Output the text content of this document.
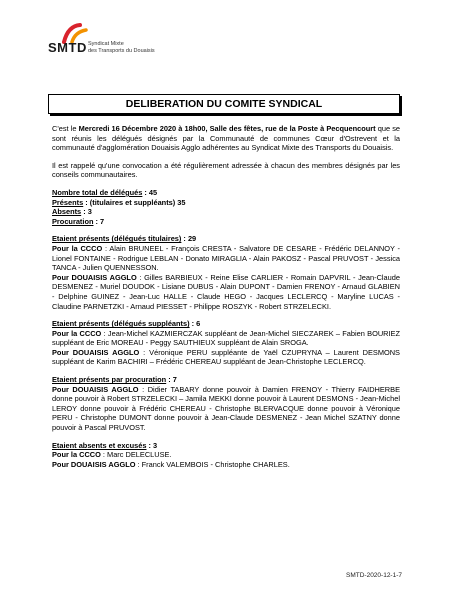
SMTD Syndicat Mixte
des Transports du Douaisis
DELIBERATION DU COMITE SYNDICAL

C'est le Mercredi 16 Décembre 2020 à 18h00, Salle des fêtes, rue de la Poste à Pecquencourt que se sont réunis les délégués désignés par la Communauté de communes Cœur d'Ostrevent et la communauté d'agglomération Douaisis Agglo adhérentes au Syndicat Mixte des Transports du Douaisis.

Il est rappelé qu'une convocation a été régulièrement adressée à chacun des membres désignés par les conseils communautaires.

Nombre total de délégués : 45

Présents : (titulaires et suppléants) 35

Absents : 3

Procuration : 7

Etaient présents (délégués titulaires) : 29

Pour la CCCO : Alain BRUNEEL - François CRESTA - Salvatore DE CESARE - Frédéric DELANNOY - Lionel FONTAINE - Rodrigue LEBLAN - Donato MIRAGLIA - Alain PAKOSZ - Pascal PRUVOST - Jessica TANCA - Julien QUENNESSON.

Pour DOUAISIS AGGLO : Gilles BARBIEUX - Reine Elise CARLIER - Romain DAPVRIL - Jean-Claude DESMENEZ - Muriel DOUDOK - Lisiane DUBUS - Alain DUPONT - Damien FRENOY - Arnaud GLABIEN - Delphine GUINEZ - Jean-Luc HALLE - Claude HEGO - Jacques LECLERCQ - Maryline LUCAS - Claudine PARNETZKI - Arnaud PIESSET - Philippe ROSZYK - Robert STRZELECKI.

Etaient présents (délégués suppléants) : 6

Pour la CCCO : Jean-Michel KAZMIERCZAK suppléant de Jean-Michel SIECZAREK – Fabien BOURIEZ suppléant de Eric MOREAU - Peggy SAUTHIEUX suppléant de Alain SROGA.

Pour DOUAISIS AGGLO : Véronique PERU suppléante de Yaël CZUPRYNA – Laurent DESMONS suppléant de Karim BACHIRI – Frédéric CHEREAU suppléant de Jean-Christophe LECLERCQ.

Etaient présents par procuration : 7

Pour DOUAISIS AGGLO : Didier TABARY donne pouvoir à Damien FRENOY - Thierry FAIDHERBE donne pouvoir à Robert STRZELECKI – Jamila MEKKI donne pouvoir à Laurent DESMONS - Jean-Michel LEROY donne pouvoir à Frédéric CHEREAU - Christophe BLERVACQUE donne pouvoir à Véronique PERU - Christophe DUMONT donne pouvoir à Jean-Claude DESMENEZ - Jean Michel SZATNY donne pouvoir à Pascal PRUVOST.

Etaient absents et excusés : 3

Pour la CCCO : Marc DELECLUSE.

Pour DOUAISIS AGGLO : Franck VALEMBOIS - Christophe CHARLES.

SMTD-2020-12-1-7
